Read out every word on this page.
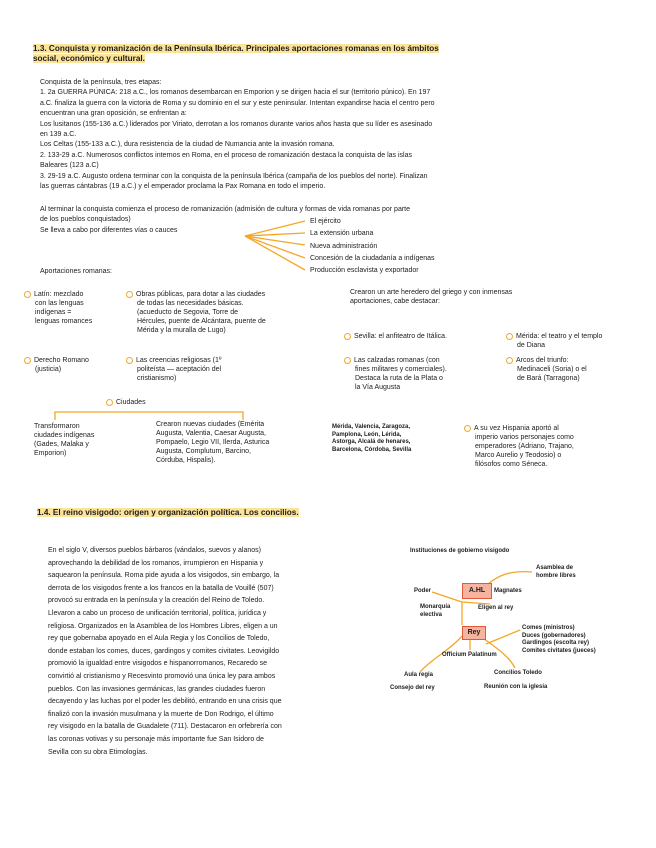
1.3. Conquista y romanización de la Península Ibérica. Principales aportaciones romanas en los ámbitos
social, económico y cultural.
Conquista de la península, tres etapas:
1. 2a GUERRA PÚNICA: 218 a.C., los romanos desembarcan en Emporion y se dirigen hacia el sur (territorio púnico). En 197
a.C. finaliza la guerra con la victoria de Roma y su dominio en el sur y este peninsular. Intentan expandirse hacia el centro pero
encuentran una gran oposición, se enfrentan a:
Los lusitanos (155-136 a.C.) liderados por Viriato, derrotan a los romanos durante varios años hasta que su líder es asesinado
en 139 a.C.
Los Celtas (155-133 a.C.), dura resistencia de la ciudad de Numancia ante la invasión romana.
2. 133-29 a.C. Numerosos conflictos internos en Roma, en el proceso de romanización destaca la conquista de las islas
Baleares (123 a.C)
3. 29-19 a.C. Augusto ordena terminar con la conquista de la península Ibérica (campaña de los pueblos del norte). Finalizan
las guerras cántabras (19 a.C.) y el emperador proclama la Pax Romana en todo el imperio.
Al terminar la conquista comienza el proceso de romanización (admisión de cultura y formas de vida romanas por parte
de los pueblos conquistados)
Se lleva a cabo por diferentes vías o cauces
El ejército
La extensión urbana
Nueva administración
Concesión de la ciudadanía a indígenas
Producción esclavista y exportador
Aportaciones romanas:
Latín: mezclado
con las lenguas
indígenas =
lenguas romances
Obras públicas, para dotar a las ciudades
de todas las necesidades básicas.
(acueducto de Segovia, Torre de
Hércules, puente de Alcántara, puente de
Mérida y la muralla de Lugo)
Crearon un arte heredero del griego y con inmensas
aportaciones, cabe destacar:
Sevilla: el anfiteatro de Itálica.	Mérida: el teatro y el templo
de Diana
Derecho Romano
(justicia)
Las creencias religiosas (1º
politeísta — aceptación del
cristianismo)
Las calzadas romanas (con
fines militares y comerciales).
Destaca la ruta de la Plata o
la Vía Augusta
Arcos del triunfo:
Medinaceli (Soria) o el
de Bará (Tarragona)
Ciudades
Transformaron
ciudades indígenas
(Gades, Malaka y
Emporion)
Crearon nuevas ciudades (Emérita
Augusta, Valentia, Caesar Augusta,
Pompaelo, Legio VII, Ilerda, Asturica
Augusta, Complutum, Barcino,
Córduba, Hispalis).
Mérida, Valencia, Zaragoza,
Pamplona, León, Lérida,
Astorga, Alcalá de henares,
Barcelona, Córdoba, Sevilla
A su vez Hispania aportó al
imperio varios personajes como
emperadores (Adriano, Trajano,
Marco Aurelio y Teodosio) o
filósofos como Séneca.
1.4. El reino visigodo: origen y organización política. Los concilios.
En el siglo V, diversos pueblos bárbaros (vándalos, suevos y alanos)
aprovechando la debilidad de los romanos, irrumpieron en Hispania y
saquearon la península. Roma pide ayuda a los visigodos, sin embargo, la
derrota de los visigodos frente a los francos en la batalla de Vouillé (507)
provocó su entrada en la península y la creación del Reino de Toledo.
Llevaron a cabo un proceso de unificación territorial, política, jurídica y
religiosa. Organizados en la Asamblea de los Hombres Libres, eligen a un
rey que gobernaba apoyado en el Aula Regia y los Concilios de Toledo,
donde estaban los comes, duces, gardingos y comites civitates. Leovigildo
promovió la igualdad entre visigodos e hispanorromanos, Recaredo se
convirtió al cristianismo y Recesvinto promovió una única ley para ambos
pueblos. Con las invasiones germánicas, las grandes ciudades fueron
decayendo y las luchas por el poder les debilitó, entrando en una crisis que
finalizó con la invasión musulmana y la muerte de Don Rodrigo, el último
rey visigodo en la batalla de Guadalete (711). Destacaron en orfebrería con
las coronas votivas y su personaje más importante fue San Isidoro de
Sevilla con su obra Etimologías.
Instituciones de gobierno visigodo
Asamblea de
hombre libres
Poder	A.HL	Magnates
Monarquía
electiva
Eligen al rey
Rey
Comes (ministros)
Duces (gobernadores)
Gardingos (escolta rey)
Comites civitates (jueces)
Officium Palatinum
Aula regia	Concilios Toledo
Consejo del rey	Reunión con la iglesia
